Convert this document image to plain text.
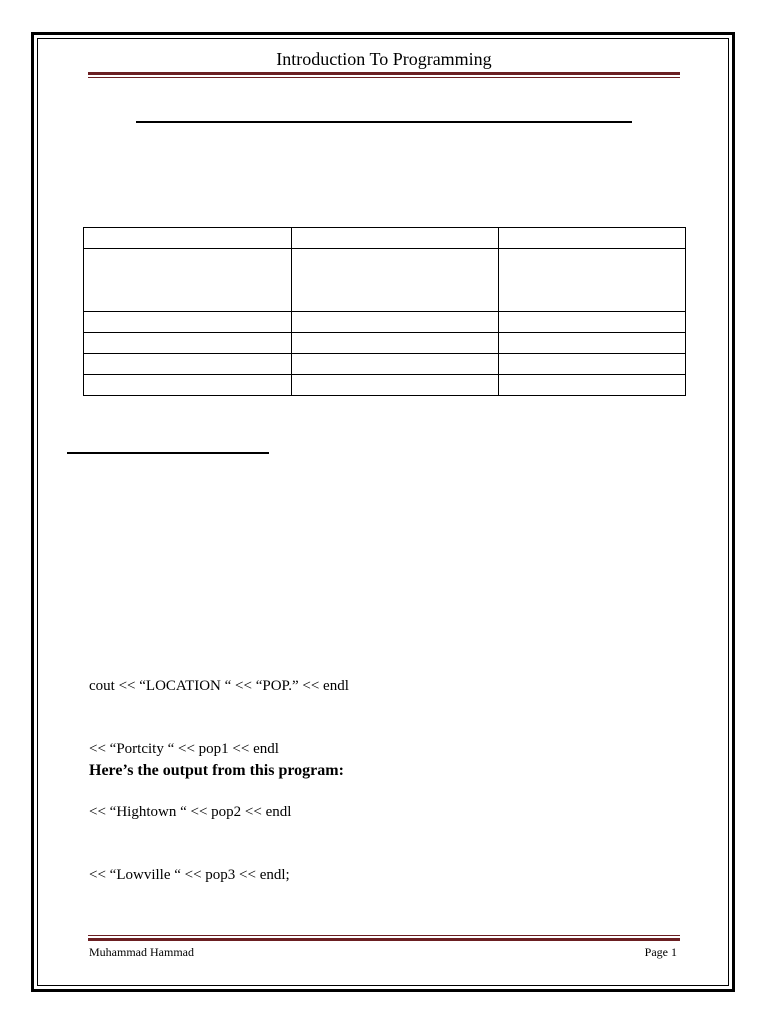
Introduction To Programming

cout << “LOCATION “ << “POP.” << endl

<< “Portcity “ << pop1 << endl

<< “Hightown “ << pop2 << endl

<< “Lowville “ << pop3 << endl;

Here’s the output from this program:
Muhammad Hammad	Page 1
